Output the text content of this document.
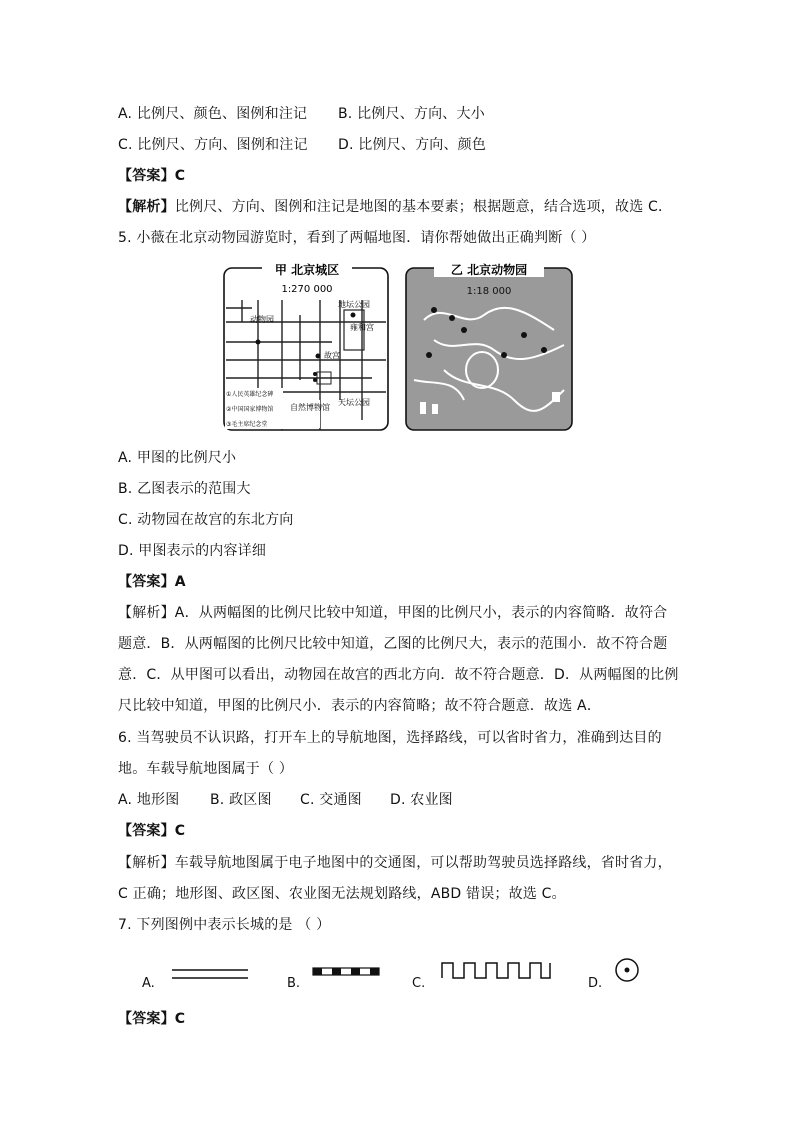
A. 比例尺、颜色、图例和注记 B. 比例尺、方向、大小
C. 比例尺、方向、图例和注记 D. 比例尺、方向、颜色
【答案】C
【解析】比例尺、方向、图例和注记是地图的基本要素；根据题意，结合选项，故选 C．
5. 小薇在北京动物园游览时，看到了两幅地图．请你帮她做出正确判断（ ）
甲 北京城区
1:270 000
地坛公园
雍和宫
动物园
故宫
天坛公园
自然博物馆
①人民英雄纪念碑
②中国国家博物馆
③毛主席纪念堂
乙 北京动物园
1:18 000
A. 甲图的比例尺小
B. 乙图表示的范围大
C. 动物园在故宫的东北方向
D. 甲图表示的内容详细
【答案】A
【解析】A．从两幅图的比例尺比较中知道，甲图的比例尺小，表示的内容简略．故符合
题意．B．从两幅图的比例尺比较中知道，乙图的比例尺大，表示的范围小．故不符合题
意．C．从甲图可以看出，动物园在故宫的西北方向．故不符合题意．D．从两幅图的比例
尺比较中知道，甲图的比例尺小．表示的内容简略；故不符合题意．故选 A．
6. 当驾驶员不认识路，打开车上的导航地图，选择路线，可以省时省力，准确到达目的
地。车载导航地图属于（ ）
A. 地形图 B. 政区图 C. 交通图 D. 农业图
【答案】C
【解析】车载导航地图属于电子地图中的交通图，可以帮助驾驶员选择路线，省时省力，
C 正确；地形图、政区图、农业图无法规划路线，ABD 错误；故选 C。
7. 下列图例中表示长城的是 （ ）
A.	B.	C.	D.
【答案】C
